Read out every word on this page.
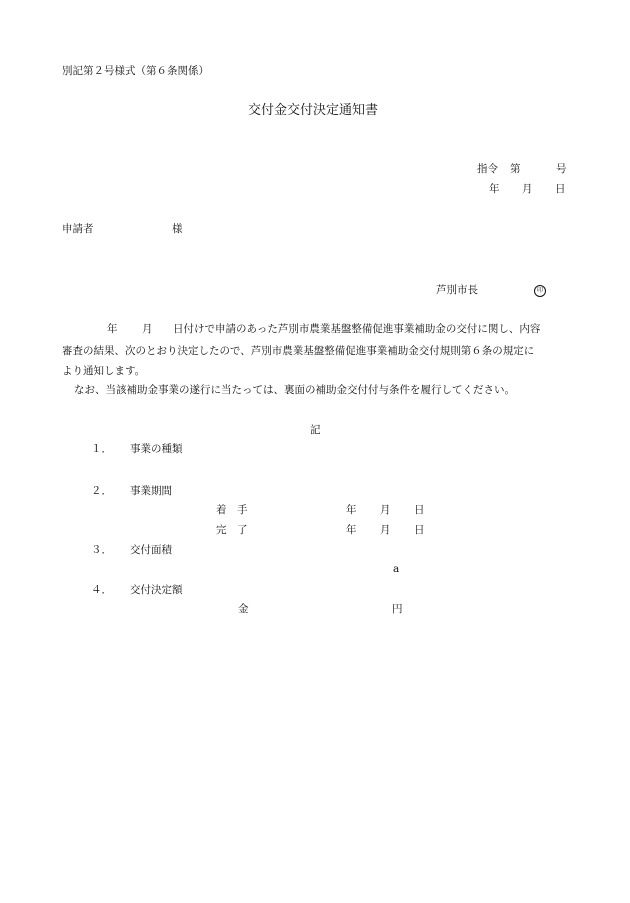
別記第２号様式（第６条関係）
交付金交付決定通知書
指令 第	号
年 月 日
申請者	様
芦別市長	印
年 月 日付けで申請のあった芦別市農業基盤整備促進事業補助金の交付に関し、内容
審査の結果、次のとおり決定したので、芦別市農業基盤整備促進事業補助金交付規則第６条の規定に
より通知します。
なお、当該補助金事業の遂行に当たっては、裏面の補助金交付付与条件を履行してください。
記
１． 事業の種類
２． 事業期間
着　手	年 月 日
完　了	年 月 日
３． 交付面積
a
４． 交付決定額
金	円
